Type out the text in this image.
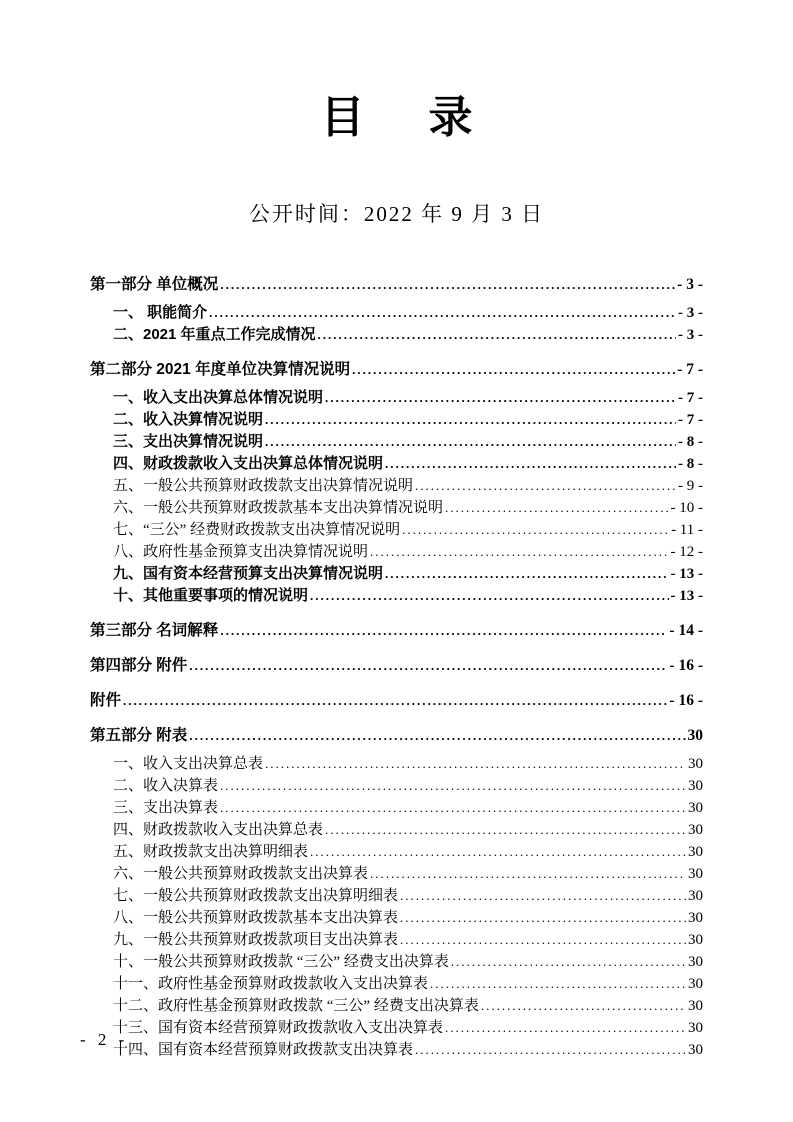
目　录

公开时间：2022 年 9 月 3 日

第一部分 单位概况 .....	- 3 -
一、 职能简介 .....	- 3 -
二、2021 年重点工作完成情况 .....	- 3 -
第二部分 2021 年度单位决算情况说明 .....	- 7 -
一、收入支出决算总体情况说明 .....	- 7 -
二、收入决算情况说明 .....	- 7 -
三、支出决算情况说明 .....	- 8 -
四、财政拨款收入支出决算总体情况说明 .....	- 8 -
五、一般公共预算财政拨款支出决算情况说明 .....	- 9 -
六、一般公共预算财政拨款基本支出决算情况说明 .....	- 10 -
七、“三公” 经费财政拨款支出决算情况说明 .....	- 11 -
八、政府性基金预算支出决算情况说明 .....	- 12 -
九、国有资本经营预算支出决算情况说明 .....	- 13 -
十、其他重要事项的情况说明 .....	- 13 -
第三部分 名词解释 .....	- 14 -
第四部分 附件 .....	- 16 -
附件 .....	- 16 -
第五部分 附表 .....	30
一、收入支出决算总表 .....	30
二、收入决算表 .....	30
三、支出决算表 .....	30
四、财政拨款收入支出决算总表 .....	30
五、财政拨款支出决算明细表 .....	30
六、一般公共预算财政拨款支出决算表 .....	30
七、一般公共预算财政拨款支出决算明细表 .....	30
八、一般公共预算财政拨款基本支出决算表 .....	30
九、一般公共预算财政拨款项目支出决算表 .....	30
十、一般公共预算财政拨款 “三公” 经费支出决算表 .....	30
十一、政府性基金预算财政拨款收入支出决算表 .....	30
十二、政府性基金预算财政拨款 “三公” 经费支出决算表 .....	30
十三、国有资本经营预算财政拨款收入支出决算表 .....	30
十四、国有资本经营预算财政拨款支出决算表 .....	30
- 2 -
